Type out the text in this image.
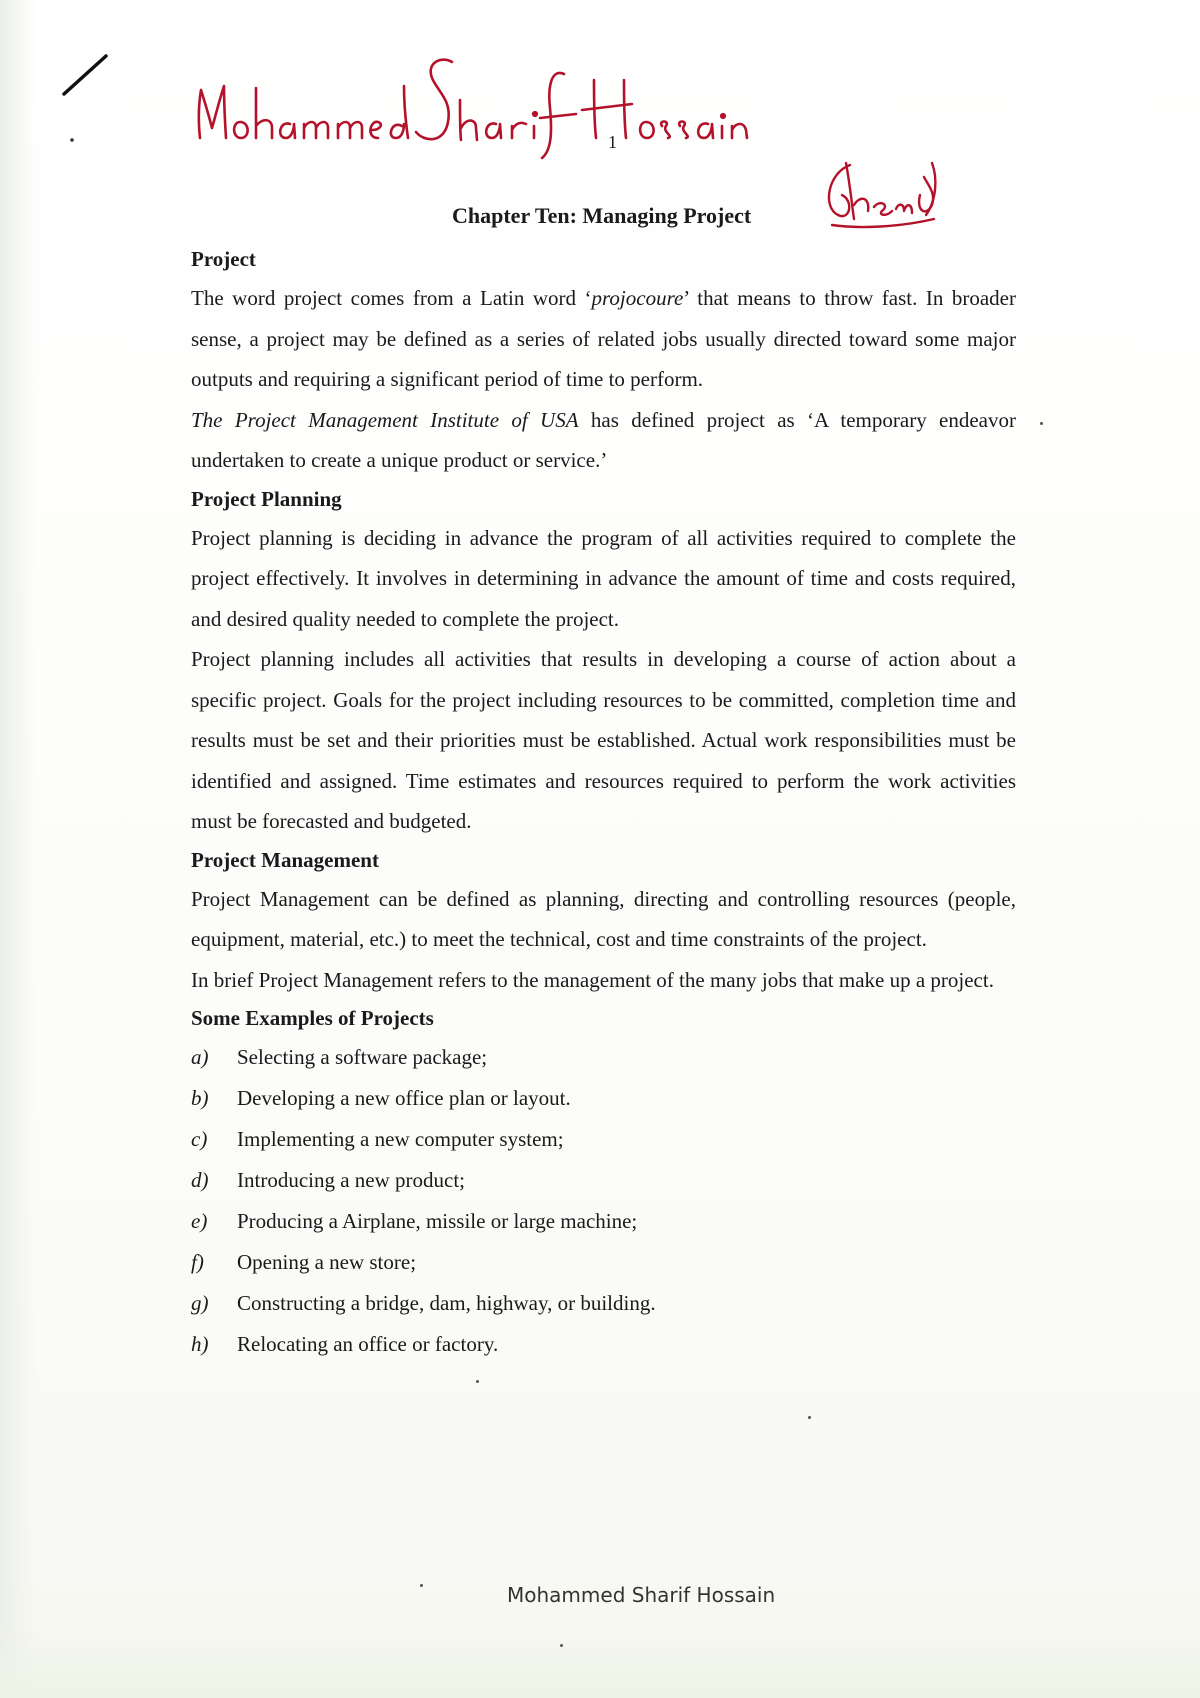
1
Chapter Ten: Managing Project
Project

The word project comes from a Latin word ‘projocoure’ that means to throw fast. In broader sense, a project may be defined as a series of related jobs usually directed toward some major outputs and requiring a significant period of time to perform.

The Project Management Institute of USA has defined project as ‘A temporary endeavor undertaken to create a unique product or service.’

Project Planning

Project planning is deciding in advance the program of all activities required to complete the project effectively. It involves in determining in advance the amount of time and costs required, and desired quality needed to complete the project.

Project planning includes all activities that results in developing a course of action about a specific project. Goals for the project including resources to be committed, completion time and results must be set and their priorities must be established. Actual work responsibilities must be identified and assigned. Time estimates and resources required to perform the work activities must be forecasted and budgeted.

Project Management

Project Management can be defined as planning, directing and controlling resources (people, equipment, material, etc.) to meet the technical, cost and time constraints of the project.

In brief Project Management refers to the management of the many jobs that make up a project.

Some Examples of Projects
a) Selecting a software package;
b) Developing a new office plan or layout.
c) Implementing a new computer system;
d) Introducing a new product;
e) Producing a Airplane, missile or large machine;
f) Opening a new store;
g) Constructing a bridge, dam, highway, or building.
h) Relocating an office or factory.
Mohammed Sharif Hossain
